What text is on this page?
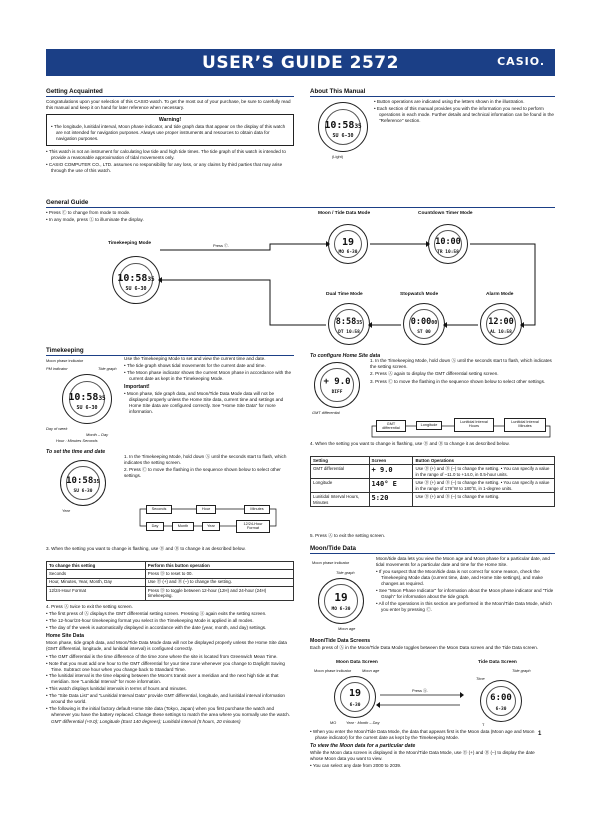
USER’S GUIDE 2572	CASIO.
Getting Acquainted

Congratulations upon your selection of this CASIO watch. To get the most out of your purchase, be sure to carefully read this manual and keep it on hand for later reference when necessary.

Warning!
• The longitude, lunitidal interval, Moon phase indicator, and tide graph data that appear on the display of this watch are not intended for navigation purposes. Always use proper instruments and resources to obtain data for navigation purposes.
• This watch is not an instrument for calculating low tide and high tide times. The tide graph of this watch is intended to provide a reasonable approximation of tidal movements only.
• CASIO COMPUTER CO., LTD. assumes no responsibility for any loss, or any claims by third parties that may arise through the use of this watch.
About This Manual
10:5835
SU 6-30
(Light)
• Button operations are indicated using the letters shown in the illustration.
• Each section of this manual provides you with the information you need to perform operations in each mode. Further details and technical information can be found in the "Reference" section.
General Guide
• Press Ⓒ to change from mode to mode.
• In any mode, press Ⓛ to illuminate the display.
Timekeeping Mode
10:5835
SU 6-30
Press Ⓒ.
Moon / Tide Data Mode
19
MO 6-30
Countdown Timer Mode
10:00
TR 10:58
Dual Time Mode
8:5835
DT 10:58
Stopwatch Mode
0:0000
ST 00
Alarm Mode
12:00
AL 10:58
Timekeeping
Moon phase indicator
PM indicator	Tide graph
10:5835
SU 6-30
Day of week
Month – Day
Hour : Minutes Seconds

Use the Timekeeping Mode to set and view the current time and date.

• The tide graph shows tidal movements for the current date and time.
• The Moon phase indicator shows the current Moon phase in accordance with the current date as kept in the Timekeeping Mode.
Important!
• Moon phase, tide graph data, and Moon/Tide Data Mode data will not be displayed properly unless the Home Site data, current time and settings and Home Site data are configured correctly. See "Home Site Data" for more information.
To set the time and date
10:5835
SU 6-30
Year

1. In the Timekeeping Mode, hold down Ⓐ until the seconds start to flash, which indicates the setting screen.

2. Press Ⓒ to move the flashing in the sequence shown below to select other settings.

Seconds	Hour	Minutes
Day	Month	Year	12/24-Hour Format
3. When the setting you want to change is flashing, use Ⓓ and Ⓑ to change it as described below.
To change this setting	Perform this button operation
Seconds	Press Ⓓ to reset to 00.
Hour, Minutes, Year, Month, Day	Use Ⓓ (+) and Ⓑ (–) to change the setting.
12/24-Hour Format	Press Ⓓ to toggle between 12-hour (12H) and 24-hour (24H) timekeeping.

4. Press Ⓐ twice to exit the setting screen.

• The first press of Ⓐ displays the GMT differential setting screen. Pressing Ⓐ again exits the setting screen.
• The 12-hour/24-hour timekeeping format you select in the Timekeeping Mode is applied in all modes.
• The day of the week is automatically displayed in accordance with the date (year, month, and day) settings.
Home Site Data

Moon phase, tide graph data, and Moon/Tide Data Mode data will not be displayed properly unless the Home Site data (GMT differential, longitude, and lunitidal interval) is configured correctly.

• The GMT differential is the time difference of the time zone where the site is located from Greenwich Mean Time.
• Note that you must add one hour to the GMT differential for your time zone whenever you change to Daylight Saving Time. Subtract one hour when you change back to Standard Time.
• The lunitidal interval is the time elapsing between the Moon's transit over a meridian and the next high tide at that meridian. See "Lunitidal Interval" for more information.
• This watch displays lunitidal intervals in terms of hours and minutes.
• The "Site Data List" and "Lunitidal Interval Data" provide GMT differential, longitude, and lunitidal interval information around the world.
• The following is the initial factory default Home Site data (Tokyo, Japan) when you first purchase the watch and whenever you have the battery replaced. Change these settings to match the area where you normally use the watch.

GMT differential (+9.0); Longitude (East 140 degrees); Lunitidal interval (5 hours, 20 minutes)

To configure Home Site data
+ 9.0
DIFF
GMT differential

1. In the Timekeeping Mode, hold down Ⓐ until the seconds start to flash, which indicates the setting screen.

2. Press Ⓐ again to display the GMT differential setting screen.

3. Press Ⓒ to move the flashing in the sequence shown below to select other settings.

GMT differential
Longitude
Lunitidal Interval Hours
Lunitidal Interval Minutes
4. When the setting you want to change is flashing, use Ⓓ and Ⓑ to change it as described below.
Setting	Screen	Button Operations
GMT differential	+ 9.0	Use Ⓓ (+) and Ⓑ (–) to change the setting. • You can specify a value in the range of –11.0 to +14.0, in 0.5-hour units.
Longitude	140° E	Use Ⓓ (+) and Ⓑ (–) to change the setting. • You can specify a value in the range of 179°W to 180°E, in 1-degree units.
Lunitidal Interval Hours, Minutes	5:20	Use Ⓓ (+) and Ⓑ (–) to change the setting.
5. Press Ⓐ to exit the setting screen.
Moon/Tide Data
Moon phase indicator
Tide graph
19
MO 6-30
Moon age

Moon/tide data lets you view the Moon age and Moon phase for a particular date, and tidal movements for a particular date and time for the Home Site.

• If you suspect that the Moon/tide data is not correct for some reason, check the Timekeeping Mode data (current time, date, and Home Site settings), and make changes as required.
• See "Moon Phase Indicator" for information about the Moon phase indicator and "Tide Graph" for information about the tide graph.
• All of the operations in this section are performed in the Moon/Tide Data Mode, which you enter by pressing Ⓒ.
Moon/Tide Data Screens

Each press of Ⓐ in the Moon/Tide Data Mode toggles between the Moon Data screen and the Tide Data screen.

Moon Data Screen
Moon phase indicator	Moon age
19
6-30
MO Year · Month – Day
Press Ⓐ.
Tide Data Screen
Tide graph
Time
6:00
6-30
T
• When you enter the Moon/Tide Data Mode, the data that appears first is the Moon data (Moon age and Moon phase indicator) for the current date as kept by the Timekeeping Mode.
To view the Moon data for a particular date

While the Moon data screen is displayed in the Moon/Tide Data Mode, use Ⓓ (+) and Ⓑ (–) to display the date whose Moon data you want to view.

• You can select any date from 2000 to 2039.
1
